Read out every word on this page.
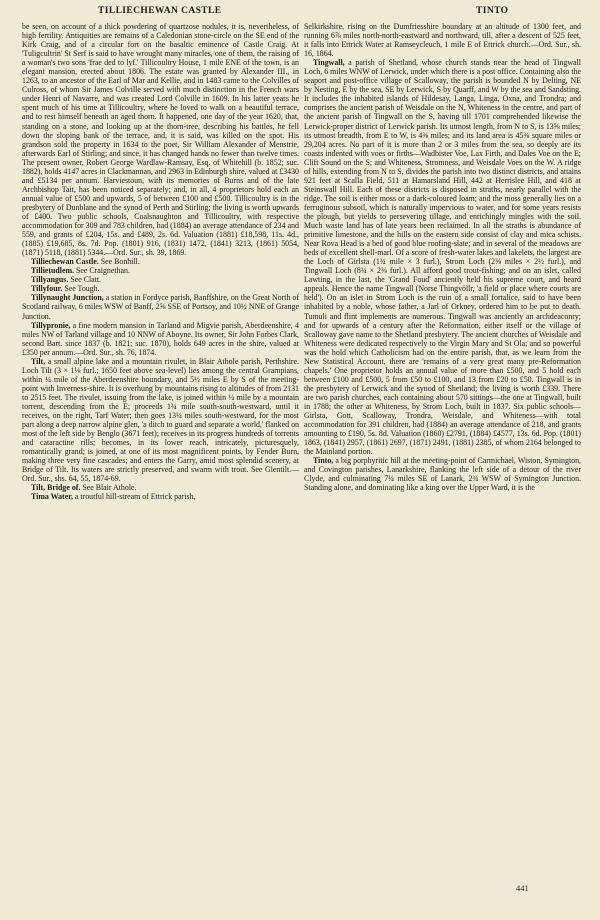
TILLIECHEWAN CASTLE	TINTO

be seen, on account of a thick powdering of quartzose nodules, it is, nevertheless, of high fertility. Antiquities are remains of a Caledonian stone-circle on the SE end of the Kirk Craig, and of a circular fort on the basaltic eminence of Castle Craig. At 'Tuligcultrin' St Serf is said to have wrought many miracles, one of them, the raising of a woman's two sons 'frae ded to lyf.' Tillicoultry House, 1 mile ENE of the town, is an elegant mansion, erected about 1806. The estate was granted by Alexander III., in 1263, to an ancestor of the Earl of Mar and Kellie, and in 1483 came to the Colvilles of Culross, of whom Sir James Colville served with much distinction in the French wars under Henri of Navarre, and was created Lord Colville in 1609. In his latter years he spent much of his time at Tillicoultry, where he loved to walk on a beautiful terrace, and to rest himself beneath an aged thorn. It happened, one day of the year 1620, that, standing on a stone, and looking up at the thorn-tree, describing his battles, he fell down the sloping bank of the terrace, and, it is said, was killed on the spot. His grandson sold the property in 1634 to the poet, Sir William Alexander of Menstrie, afterwards Earl of Stirling; and since, it has changed hands no fewer than twelve times. The present owner, Robert George Wardlaw-Ramsay, Esq. of Whitehill (b. 1852; suc. 1882), holds 4147 acres in Clackmannan, and 2963 in Edinburgh shire, valued at £3430 and £5134 per annum. Harviestoun, with its memories of Burns and of the late Archbishop Tait, has been noticed separately; and, in all, 4 proprietors hold each an annual value of £500 and upwards, 5 of between £100 and £500. Tillicoultry is in the presbytery of Dunblane and the synod of Perth and Stirling; the living is worth upwards of £400. Two public schools, Coalsnaughton and Tillicoultry, with respective accommodation for 309 and 783 children, had (1884) an average attendance of 234 and 559, and grants of £204, 15s. and £489, 2s. 6d. Valuation (1881) £18,598, 11s. 4d., (1885) £19,685, 8s. 7d. Pop. (1801) 916, (1831) 1472, (1841) 3213, (1861) 5054, (1871) 5118, (1881) 5344.—Ord. Sur., sh. 39, 1869.

Tilliechewan Castle. See Bonhill.

Tillietudlem. See Craignethan.

Tillyangus. See Clatt.

Tillyfour. See Tough.

Tillynaught Junction, a station in Fordyce parish, Banffshire, on the Great North of Scotland railway, 6 miles WSW of Banff, 2⅝ SSE of Portsoy, and 10½ NNE of Grange Junction.

Tillypronie, a fine modern mansion in Tarland and Migvie parish, Aberdeenshire, 4 miles NW of Tarland village and 10 NNW of Aboyne. Its owner, Sir John Forbes Clark, second Bart. since 1837 (b. 1821; suc. 1870), holds 649 acres in the shire, valued at £350 per annum.—Ord. Sur., sh. 76, 1874.

Tilt, a small alpine lake and a mountain rivulet, in Blair Athole parish, Perthshire. Loch Tilt (3 × 1⅛ furl.; 1650 feet above sea-level) lies among the central Grampians, within ¼ mile of the Aberdeenshire boundary, and 5½ miles E by S of the meeting-point with Inverness-shire. It is overhung by mountains rising to altitudes of from 2131 to 2515 feet. The rivulet, issuing from the lake, is joined within ¼ mile by a mountain torrent, descending from the E; proceeds 1¾ mile south-south-westward, until it receives, on the right, Tarf Water; then goes 13¼ miles south-westward, for the most part along a deep narrow alpine glen, 'a ditch to guard and separate a world,' flanked on most of the left side by Benglo (3671 feet); receives in its progress hundreds of torrents and cataractine rills; becomes, in its lower reach, intricately, picturesquely, romantically grand; is joined, at one of its most magnificent points, by Fender Burn, making three very fine cascades; and enters the Garry, amid most splendid scenery, at Bridge of Tilt. Its waters are strictly preserved, and swarm with trout. See Glentilt.—Ord. Sur., shs. 64, 55, 1874-69.

Tilt, Bridge of. See Blair Athole.

Tima Water, a troutful hill-stream of Ettrick parish,

Selkirkshire, rising on the Dumfriesshire boundary at an altitude of 1300 feet, and running 6⅞ miles north-north-eastward and northward, till, after a descent of 525 feet, it falls into Ettrick Water at Ramseycleuch, 1 mile E of Ettrick church.—Ord. Sur., sh. 16, 1864.

Tingwall, a parish of Shetland, whose church stands near the head of Tingwall Loch, 6 miles WNW of Lerwick, under which there is a post office. Containing also the seaport and post-office village of Scalloway, the parish is bounded N by Delting, NE by Nesting, E by the sea, SE by Lerwick, S by Quarff, and W by the sea and Sandsting. It includes the inhabited islands of Hildesay, Langa, Linga, Oxna, and Trondra; and comprises the ancient parish of Weisdale on the N, Whiteness in the centre, and part of the ancient parish of Tingwall on the S, having till 1701 comprehended likewise the Lerwick-proper district of Lerwick parish. Its utmost length, from N to S, is 13⅝ miles; its utmost breadth, from E to W, is 4⅜ miles; and its land area is 45⅜ square miles or 29,204 acres. No part of it is more than 2 or 3 miles from the sea, so deeply are its coasts indented with voes or firths—Wadbister Voe, Lax Firth, and Dales Voe on the E; Clift Sound on the S; and Whiteness, Stromness, and Weisdale Voes on the W. A ridge of hills, extending from N to S, divides the parish into two distinct districts, and attains 921 feet at Scalla Field, 511 at Hamarsland Hill, 442 at Herrislee Hill, and 418 at Steinswall Hill. Each of these districts is disposed in straths, nearly parallel with the ridge. The soil is either moss or a dark-coloured loam; and the moss generally lies on a ferruginous subsoil, which is naturally impervious to water, and for some years resists the plough, but yields to persevering tillage, and enrichingly mingles with the soil. Much waste land has of late years been reclaimed. In all the straths is abundance of primitive limestone, and the hills on the eastern side consist of clay and mica schists. Near Rova Head is a bed of good blue roofing-slate; and in several of the meadows are beds of excellent shell-marl. Of a score of fresh-water lakes and lakelets, the largest are the Loch of Girlsta (1¾ mile × 3 furl.), Strom Loch (2⅜ miles × 2½ furl.), and Tingwall Loch (8¾ × 2⅜ furl.). All afford good trout-fishing; and on an islet, called Lawting, in the last, the 'Grand Foud' anciently held his supreme court, and heard appeals. Hence the name Tingwall (Norse Thingvöllr, 'a field or place where courts are held'). On an islet in Strom Loch is the ruin of a small fortalice, said to have been inhabited by a noble, whose father, a Jarl of Orkney, ordered him to be put to death. Tumuli and flint implements are numerous. Tingwall was anciently an archdeaconry; and for upwards of a century after the Reformation, either itself or the village of Scalloway gave name to the Shetland presbytery. The ancient churches of Weisdale and Whiteness were dedicated respectively to the Virgin Mary and St Ola; and so powerful was the hold which Catholicism had on the entire parish, that, as we learn from the New Statistical Account, there are 'remains of a very great many pre-Reformation chapels.' One proprietor holds an annual value of more than £500, and 5 hold each between £100 and £500, 5 from £50 to £100, and 13 from £20 to £50. Tingwall is in the presbytery of Lerwick and the synod of Shetland; the living is worth £339. There are two parish churches, each containing about 570 sittings—the one at Tingwall, built in 1788; the other at Whiteness, by Strom Loch, built in 1837. Six public schools—Girlsta, Gott, Scalloway, Trondra, Weisdale, and Whiteness—with total accommodation for 391 children, had (1884) an average attendance of 218, and grants amounting to £190, 5s. 8d. Valuation (1860) £2791, (1884) £4577, 13s. 6d. Pop. (1801) 1863, (1841) 2957, (1861) 2697, (1871) 2491, (1881) 2385, of whom 2164 belonged to the Mainland portion.

Tinto, a big porphyritic hill at the meeting-point of Carmichael, Wiston, Symington, and Covington parishes, Lanarkshire, flanking the left side of a detour of the river Clyde, and culminating 7¼ miles SE of Lanark, 2¾ WSW of Symington Junction. Standing alone, and dominating like a king over the Upper Ward, it is the

441
